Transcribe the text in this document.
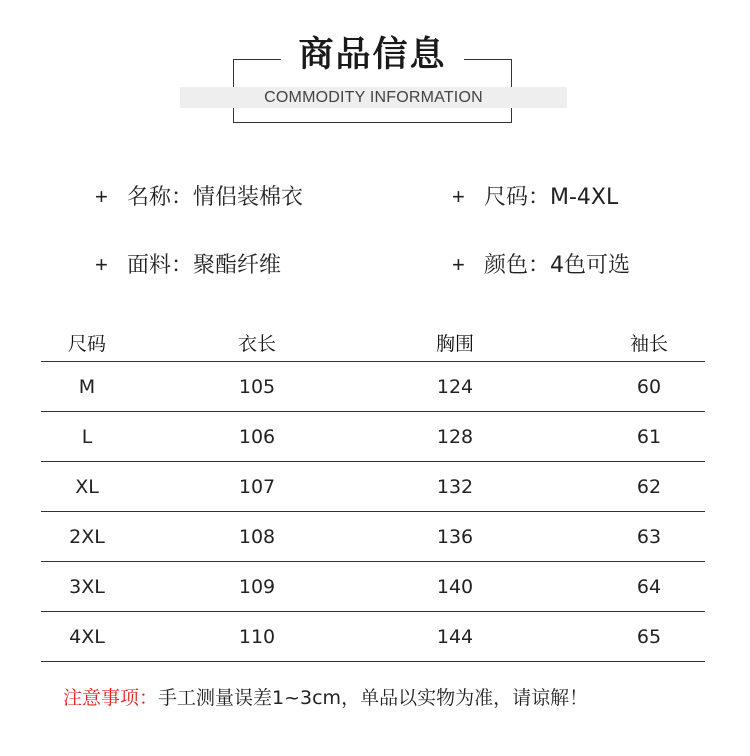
商品信息
COMMODITY INFORMATION
+ 名称：情侣装棉衣	+ 尺码：M-4XL
+ 面料：聚酯纤维	+ 颜色：4色可选
尺码	衣长	胸围	袖长
M	105	124	60
L	106	128	61
XL	107	132	62
2XL	108	136	63
3XL	109	140	64
4XL	110	144	65
注意事项：手工测量误差1~3cm，单品以实物为准，请谅解！
